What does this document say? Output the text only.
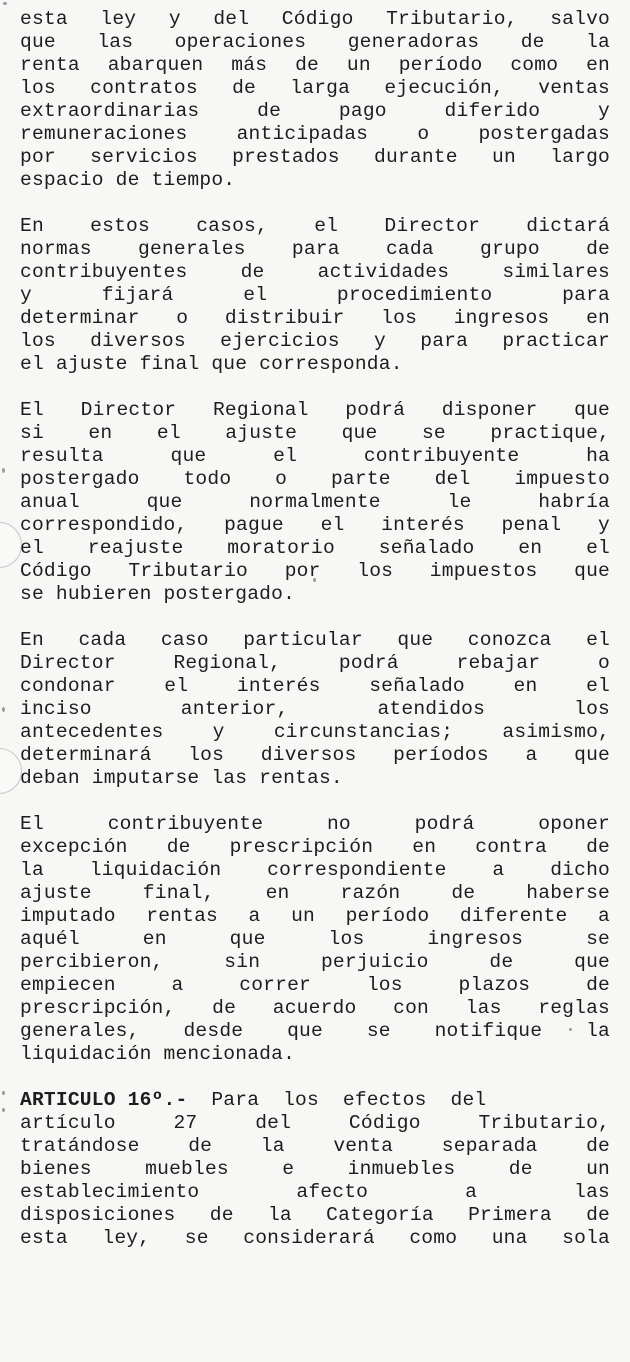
esta ley y del Código Tributario, salvo
que las operaciones generadoras de la
renta abarquen más de un período como en
los contratos de larga ejecución, ventas
extraordinarias de pago diferido y
remuneraciones anticipadas o postergadas
por servicios prestados durante un largo
espacio de tiempo.
En estos casos, el Director dictará
normas generales para cada grupo de
contribuyentes de actividades similares
y fijará el procedimiento para
determinar o distribuir los ingresos en
los diversos ejercicios y para practicar
el ajuste final que corresponda.
El Director Regional podrá disponer que
si en el ajuste que se practique,
resulta que el contribuyente ha
postergado todo o parte del impuesto
anual que normalmente le habría
correspondido, pague el interés penal y
el reajuste moratorio señalado en el
Código Tributario por los impuestos que
se hubieren postergado.
En cada caso particular que conozca el
Director Regional, podrá rebajar o
condonar el interés señalado en el
inciso anterior, atendidos los
antecedentes y circunstancias; asimismo,
determinará los diversos períodos a que
deban imputarse las rentas.
El contribuyente no podrá oponer
excepción de prescripción en contra de
la liquidación correspondiente a dicho
ajuste final, en razón de haberse
imputado rentas a un período diferente a
aquél en que los ingresos se
percibieron, sin perjuicio de que
empiecen a correr los plazos de
prescripción, de acuerdo con las reglas
generales, desde que se notifique la
liquidación mencionada.
ARTICULO 16º.-  Para  los  efectos  del
artículo 27 del Código Tributario,
tratándose de la venta separada de
bienes muebles e inmuebles de un
establecimiento afecto a las
disposiciones de la Categoría Primera de
esta ley, se considerará como una sola
